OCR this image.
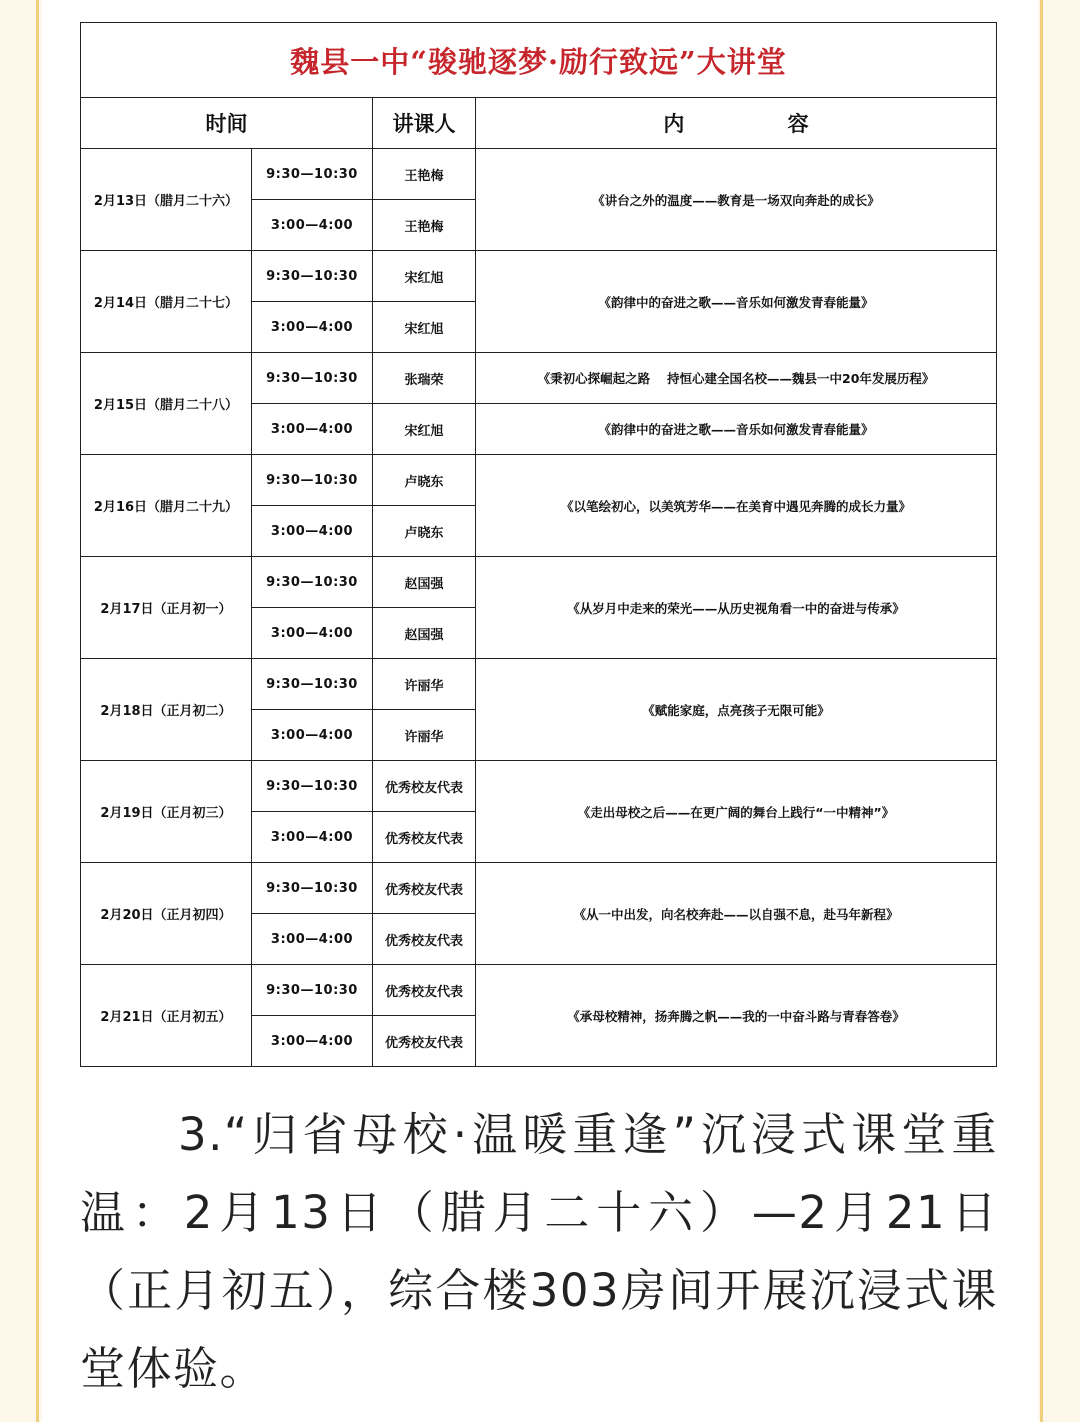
魏县一中“骏驰逐梦·励行致远”大讲堂			
时间		讲课人	内 容
2月13日（腊月二十六）	9:30—10:30	王艳梅	《讲台之外的温度——教育是一场双向奔赴的成长》
	3:00—4:00	王艳梅	
2月14日（腊月二十七）	9:30—10:30	宋红旭	《韵律中的奋进之歌——音乐如何激发青春能量》
	3:00—4:00	宋红旭	
2月15日（腊月二十八）	9:30—10:30	张瑞荣	《秉初心探崛起之路　 持恒心建全国名校——魏县一中20年发展历程》
	3:00—4:00	宋红旭	《韵律中的奋进之歌——音乐如何激发青春能量》
2月16日（腊月二十九）	9:30—10:30	卢晓东	《以笔绘初心，以美筑芳华——在美育中遇见奔腾的成长力量》
	3:00—4:00	卢晓东	
2月17日（正月初一）	9:30—10:30	赵国强	《从岁月中走来的荣光——从历史视角看一中的奋进与传承》
	3:00—4:00	赵国强	
2月18日（正月初二）	9:30—10:30	许丽华	《赋能家庭，点亮孩子无限可能》
	3:00—4:00	许丽华	
2月19日（正月初三）	9:30—10:30	优秀校友代表	《走出母校之后——在更广阔的舞台上践行“一中精神”》
	3:00—4:00	优秀校友代表	
2月20日（正月初四）	9:30—10:30	优秀校友代表	《从一中出发，向名校奔赴——以自强不息，赴马年新程》
	3:00—4:00	优秀校友代表	
2月21日（正月初五）	9:30—10:30	优秀校友代表	《承母校精神，扬奔腾之帆——我的一中奋斗路与青春答卷》
	3:00—4:00	优秀校友代表	
3.“归省母校·温暖重逢”沉浸式课堂重温：2月13日（腊月二十六）—2月21日（正月初五），综合楼303房间开展沉浸式课堂体验。
